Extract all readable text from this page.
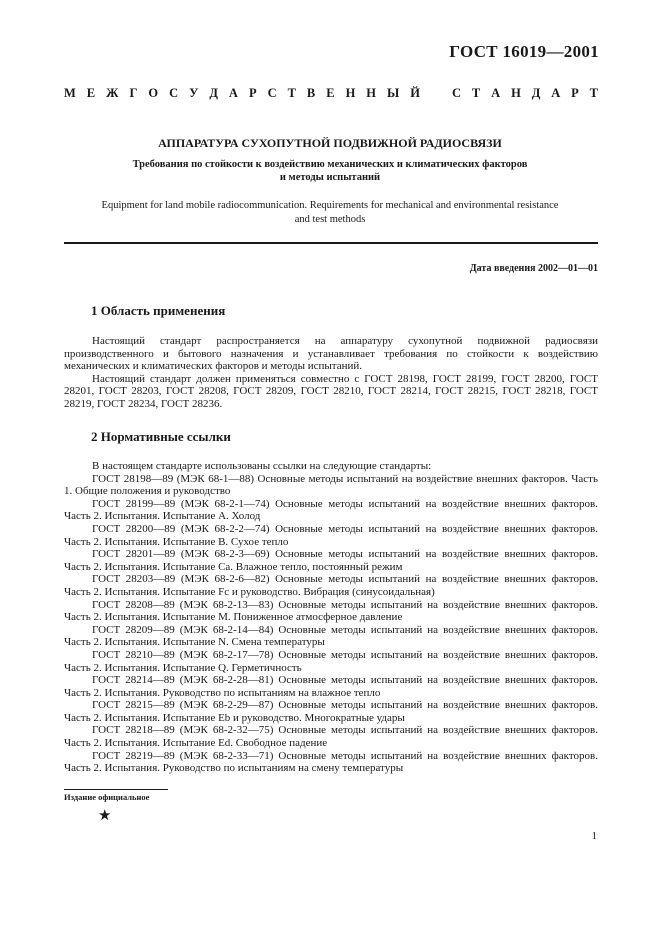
ГОСТ 16019—2001
М Е Ж Г О С У Д А Р С Т В Е Н Н Ы Й	С Т А Н Д А Р Т
АППАРАТУРА СУХОПУТНОЙ ПОДВИЖНОЙ РАДИОСВЯЗИ
Требования по стойкости к воздействию механических и климатических факторов
и методы испытаний
Equipment for land mobile radiocommunication. Requirements for mechanical and environmental resistance
and test methods
Дата введения 2002—01—01
1 Область применения

Настоящий стандарт распространяется на аппаратуру сухопутной подвижной радиосвязи производственного и бытового назначения и устанавливает требования по стойкости к воздействию механических и климатических факторов и методы испытаний.

Настоящий стандарт должен применяться совместно с ГОСТ 28198, ГОСТ 28199, ГОСТ 28200, ГОСТ 28201, ГОСТ 28203, ГОСТ 28208, ГОСТ 28209, ГОСТ 28210, ГОСТ 28214, ГОСТ 28215, ГОСТ 28218, ГОСТ 28219, ГОСТ 28234, ГОСТ 28236.

2 Нормативные ссылки

В настоящем стандарте использованы ссылки на следующие стандарты:

ГОСТ 28198—89 (МЭК 68-1—88) Основные методы испытаний на воздействие внешних факторов. Часть 1. Общие положения и руководство

ГОСТ 28199—89 (МЭК 68-2-1—74) Основные методы испытаний на воздействие внешних факторов. Часть 2. Испытания. Испытание А. Холод

ГОСТ 28200—89 (МЭК 68-2-2—74) Основные методы испытаний на воздействие внешних факторов. Часть 2. Испытания. Испытание В. Сухое тепло

ГОСТ 28201—89 (МЭК 68-2-3—69) Основные методы испытаний на воздействие внешних факторов. Часть 2. Испытания. Испытание Са. Влажное тепло, постоянный режим

ГОСТ 28203—89 (МЭК 68-2-6—82) Основные методы испытаний на воздействие внешних факторов. Часть 2. Испытания. Испытание Fc и руководство. Вибрация (синусоидальная)

ГОСТ 28208—89 (МЭК 68-2-13—83) Основные методы испытаний на воздействие внешних факторов. Часть 2. Испытания. Испытание М. Пониженное атмосферное давление

ГОСТ 28209—89 (МЭК 68-2-14—84) Основные методы испытаний на воздействие внешних факторов. Часть 2. Испытания. Испытание N. Смена температуры

ГОСТ 28210—89 (МЭК 68-2-17—78) Основные методы испытаний на воздействие внешних факторов. Часть 2. Испытания. Испытание Q. Герметичность

ГОСТ 28214—89 (МЭК 68-2-28—81) Основные методы испытаний на воздействие внешних факторов. Часть 2. Испытания. Руководство по испытаниям на влажное тепло

ГОСТ 28215—89 (МЭК 68-2-29—87) Основные методы испытаний на воздействие внешних факторов. Часть 2. Испытания. Испытание Eb и руководство. Многократные удары

ГОСТ 28218—89 (МЭК 68-2-32—75) Основные методы испытаний на воздействие внешних факторов. Часть 2. Испытания. Испытание Ed. Свободное падение

ГОСТ 28219—89 (МЭК 68-2-33—71) Основные методы испытаний на воздействие внешних факторов. Часть 2. Испытания. Руководство по испытаниям на смену температуры

Издание официальное
★
1
